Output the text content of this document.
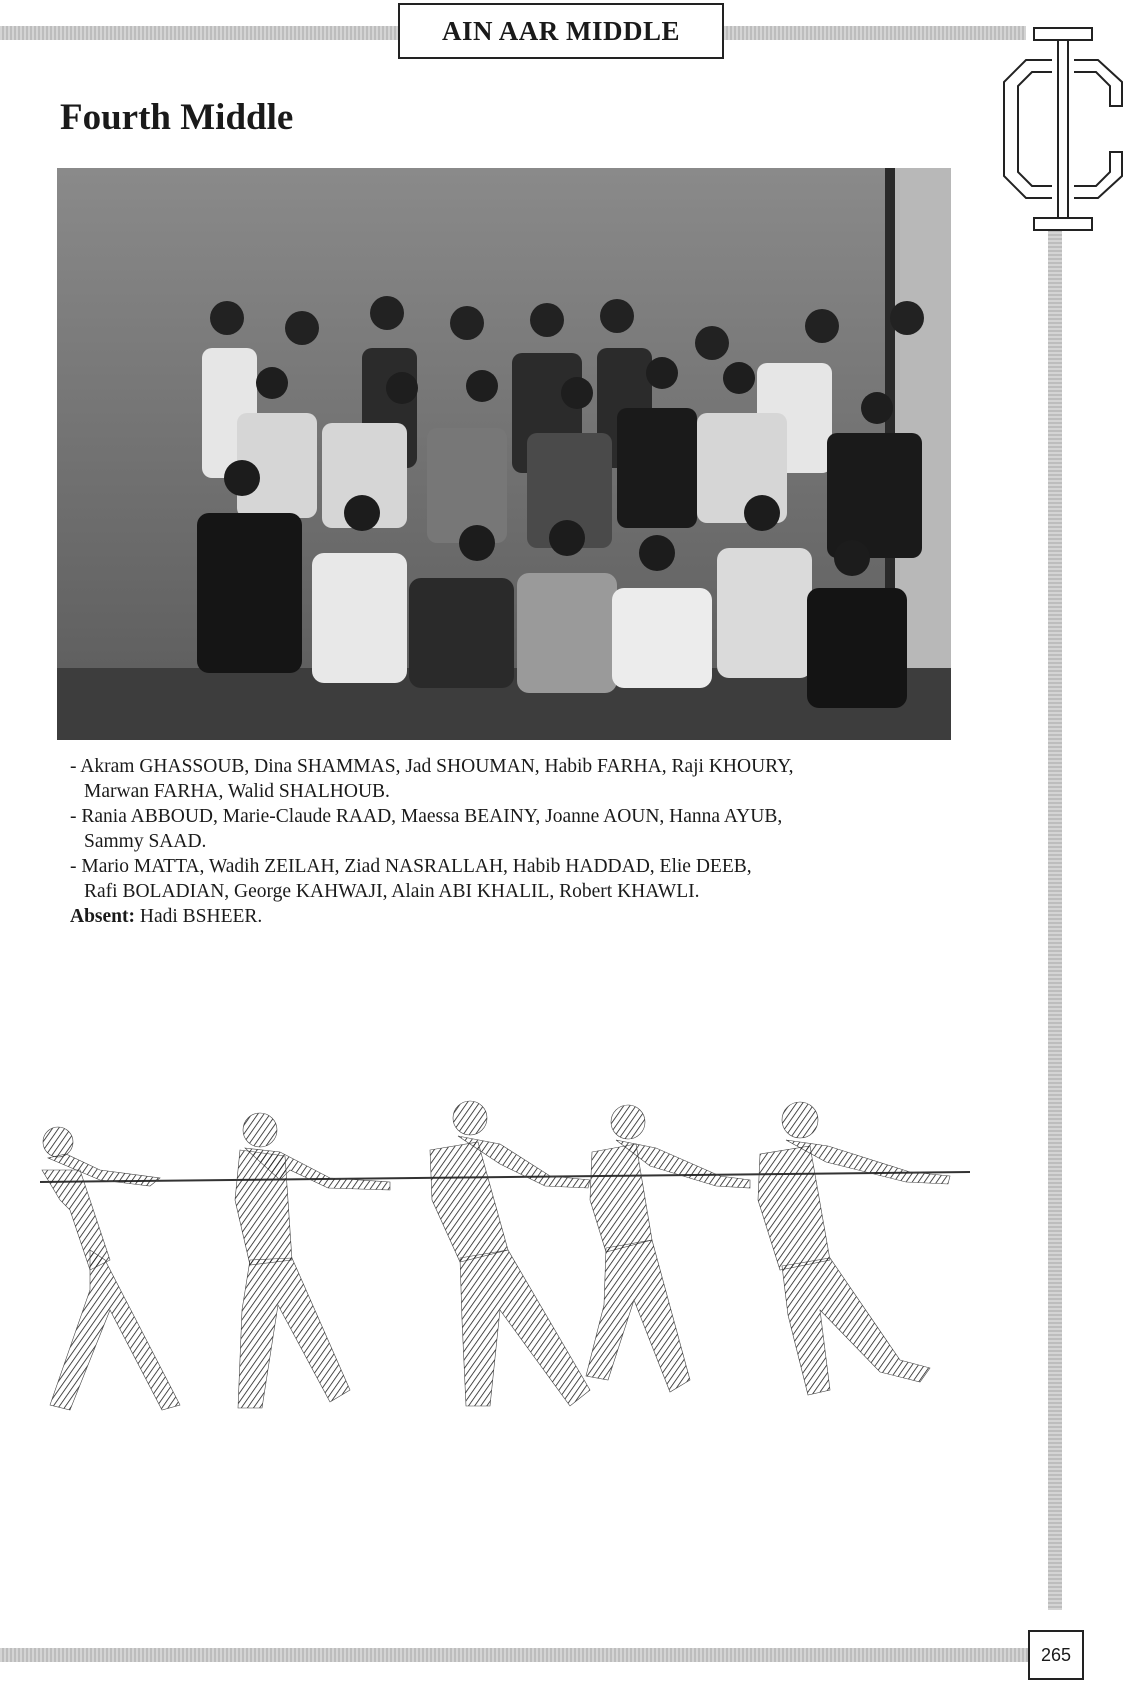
AIN AAR MIDDLE
Fourth Middle

- Akram GHASSOUB, Dina SHAMMAS, Jad SHOUMAN, Habib FARHA, Raji KHOURY,

Marwan FARHA, Walid SHALHOUB.

- Rania ABBOUD, Marie-Claude RAAD, Maessa BEAINY, Joanne AOUN, Hanna AYUB,

Sammy SAAD.

- Mario MATTA, Wadih ZEILAH, Ziad NASRALLAH, Habib HADDAD, Elie DEEB,

Rafi BOLADIAN, George KAHWAJI, Alain ABI KHALIL, Robert KHAWLI.

Absent: Hadi BSHEER.

265
